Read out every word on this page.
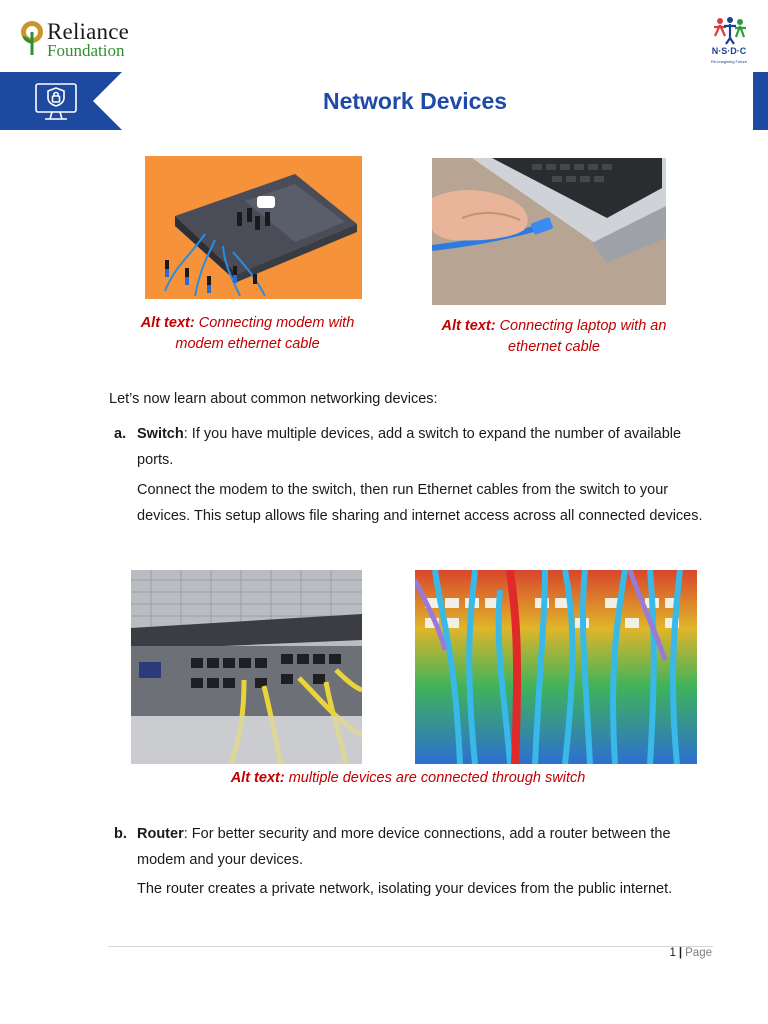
Reliance
Foundation	N·S·D·C
Re-imagining Future
Network Devices
Alt text: Connecting modem with modem ethernet cable
Alt text: Connecting laptop with an ethernet cable
Let’s now learn about common networking devices:
a. Switch: If you have multiple devices, add a switch to expand the number of available ports.
Connect the modem to the switch, then run Ethernet cables from the switch to your devices. This setup allows file sharing and internet access across all connected devices.
Alt text: multiple devices are connected through switch
b. Router: For better security and more device connections, add a router between the modem and your devices.
The router creates a private network, isolating your devices from the public internet.
1 | Page
